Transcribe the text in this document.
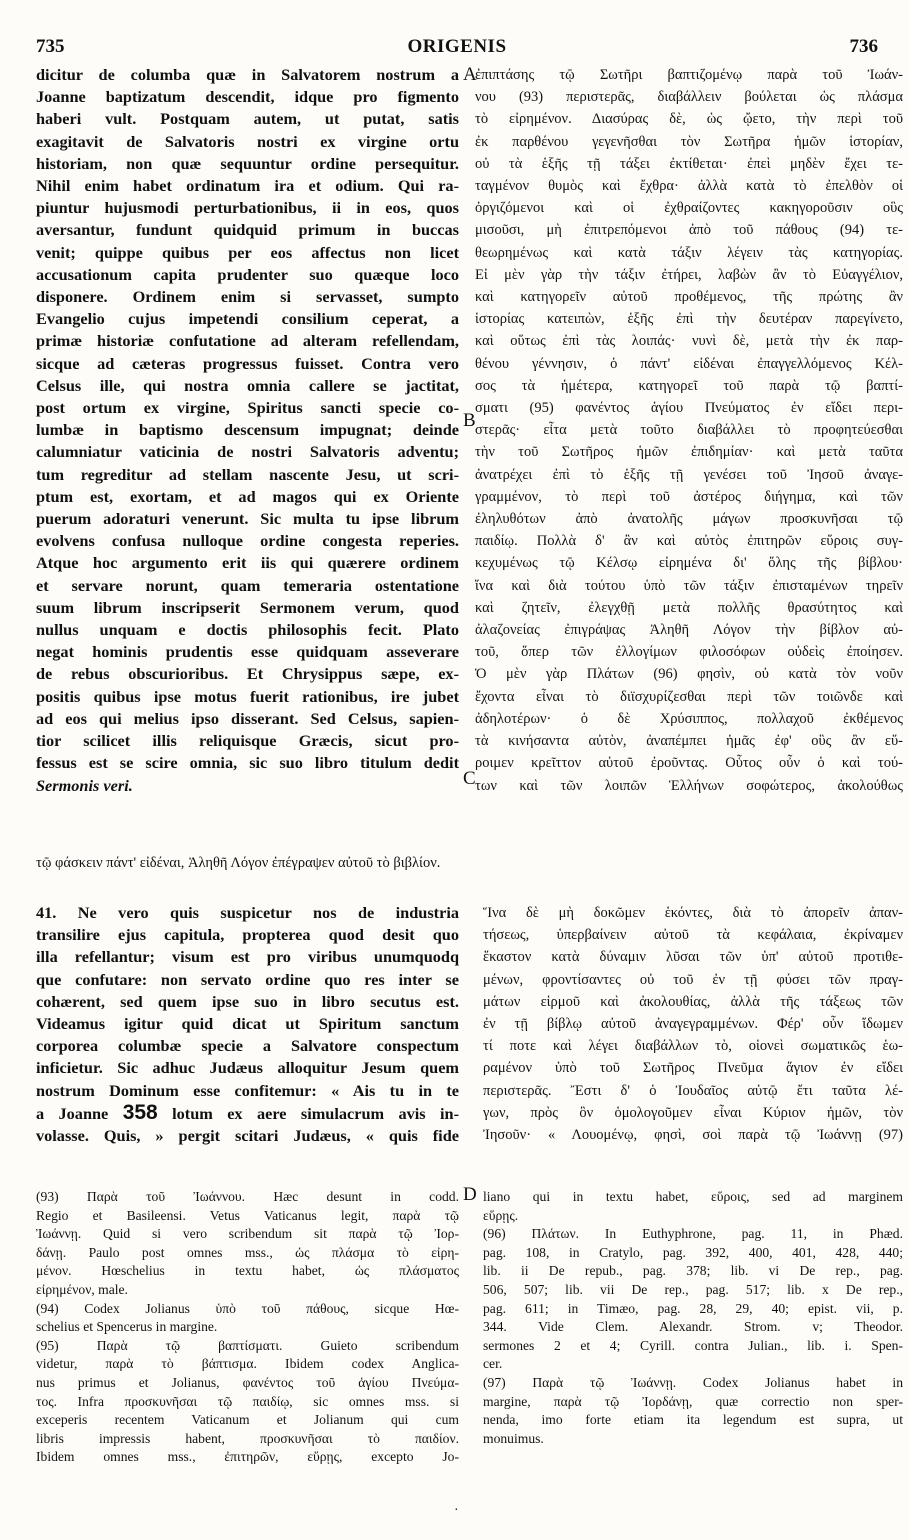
735	ORIGENIS	736
dicitur de columba quæ in Salvatorem nostrum a
Joanne baptizatum descendit, idque pro figmento
haberi vult. Postquam autem, ut putat, satis
exagitavit de Salvatoris nostri ex virgine ortu
historiam, non quæ sequuntur ordine persequitur.
Nihil enim habet ordinatum ira et odium. Qui ra-
piuntur hujusmodi perturbationibus, ii in eos, quos
aversantur, fundunt quidquid primum in buccas
venit; quippe quibus per eos affectus non licet
accusationum capita prudenter suo quæque loco
disponere. Ordinem enim si servasset, sumpto
Evangelio cujus impetendi consilium ceperat, a
primæ historiæ confutatione ad alteram refellendam,
sicque ad cæteras progressus fuisset. Contra vero
Celsus ille, qui nostra omnia callere se jactitat,
post ortum ex virgine, Spiritus sancti specie co-
lumbæ in baptismo descensum impugnat; deinde
calumniatur vaticinia de nostri Salvatoris adventu;
tum regreditur ad stellam nascente Jesu, ut scri-
ptum est, exortam, et ad magos qui ex Oriente
puerum adoraturi venerunt. Sic multa tu ipse librum
evolvens confusa nulloque ordine congesta reperies.
Atque hoc argumento erit iis qui quærere ordinem
et servare norunt, quam temeraria ostentatione
suum librum inscripserit Sermonem verum, quod
nullus unquam e doctis philosophis fecit. Plato
negat hominis prudentis esse quidquam asseverare
de rebus obscurioribus. Et Chrysippus sæpe, ex-
positis quibus ipse motus fuerit rationibus, ire jubet
ad eos qui melius ipso disserant. Sed Celsus, sapien-
tior scilicet illis reliquisque Græcis, sicut pro-
fessus est se scire omnia, sic suo libro titulum dedit
Sermonis veri.
A
B
C
ἐπιπτάσης τῷ Σωτῆρι βαπτιζομένῳ παρὰ τοῦ Ἰωάν-
νου (93) περιστερᾶς, διαβάλλειν βούλεται ὡς πλάσμα
τὸ εἰρημένον. Διασύρας δὲ, ὡς ᾤετο, τὴν περὶ τοῦ
ἐκ παρθένου γεγενῆσθαι τὸν Σωτῆρα ἡμῶν ἱστορίαν,
οὐ τὰ ἑξῆς τῇ τάξει ἐκτίθεται· ἐπεὶ μηδὲν ἔχει τε-
ταγμένον θυμὸς καὶ ἔχθρα· ἀλλὰ κατὰ τὸ ἐπελθὸν οἱ
ὀργιζόμενοι καὶ οἱ ἐχθραίζοντες κακηγοροῦσιν οὓς
μισοῦσι, μὴ ἐπιτρεπόμενοι ἀπὸ τοῦ πάθους (94) τε-
θεωρημένως καὶ κατὰ τάξιν λέγειν τὰς κατηγορίας.
Εἰ μὲν γὰρ τὴν τάξιν ἐτήρει, λαβὼν ἂν τὸ Εὐαγγέλιον,
καὶ κατηγορεῖν αὐτοῦ προθέμενος, τῆς πρώτης ἂν
ἱστορίας κατειπὼν, ἑξῆς ἐπὶ τὴν δευτέραν παρεγίνετο,
καὶ οὕτως ἐπὶ τὰς λοιπάς· νυνὶ δὲ, μετὰ τὴν ἐκ παρ-
θένου γέννησιν, ὁ πάντ' εἰδέναι ἐπαγγελλόμενος Κέλ-
σος τὰ ἡμέτερα, κατηγορεῖ τοῦ παρὰ τῷ βαπτί-
σματι (95) φανέντος ἁγίου Πνεύματος ἐν εἴδει περι-
στερᾶς· εἶτα μετὰ τοῦτο διαβάλλει τὸ προφητεύεσθαι
τὴν τοῦ Σωτῆρος ἡμῶν ἐπιδημίαν· καὶ μετὰ ταῦτα
ἀνατρέχει ἐπὶ τὸ ἑξῆς τῇ γενέσει τοῦ Ἰησοῦ ἀναγε-
γραμμένον, τὸ περὶ τοῦ ἀστέρος διήγημα, καὶ τῶν
ἐληλυθότων ἀπὸ ἀνατολῆς μάγων προσκυνῆσαι τῷ
παιδίῳ. Πολλὰ δ' ἂν καὶ αὐτὸς ἐπιτηρῶν εὕροις συγ-
κεχυμένως τῷ Κέλσῳ εἰρημένα δι' ὅλης τῆς βίβλου·
ἵνα καὶ διὰ τούτου ὑπὸ τῶν τάξιν ἐπισταμένων τηρεῖν
καὶ ζητεῖν, ἐλεγχθῇ μετὰ πολλῆς θρασύτητος καὶ
ἀλαζονείας ἐπιγράψας Ἀληθῆ Λόγον τὴν βίβλον αὐ-
τοῦ, ὅπερ τῶν ἐλλογίμων φιλοσόφων οὐδεὶς ἐποίησεν.
Ὁ μὲν γὰρ Πλάτων (96) φησὶν, οὐ κατὰ τὸν νοῦν
ἔχοντα εἶναι τὸ διϊσχυρίζεσθαι περὶ τῶν τοιῶνδε καὶ
ἀδηλοτέρων· ὁ δὲ Χρύσιππος, πολλαχοῦ ἐκθέμενος
τὰ κινήσαντα αὐτὸν, ἀναπέμπει ἡμᾶς ἐφ' οὓς ἂν εὕ-
ροιμεν κρεῖττον αὐτοῦ ἐροῦντας. Οὗτος οὖν ὁ καὶ τού-
των καὶ τῶν λοιπῶν Ἑλλήνων σοφώτερος, ἀκολούθως
τῷ φάσκειν πάντ' εἰδέναι, Ἀληθῆ Λόγον ἐπέγραψεν αὐτοῦ τὸ βιβλίον.
41. Ne vero quis suspicetur nos de industria
transilire ejus capitula, propterea quod desit quo
illa refellantur; visum est pro viribus unumquodq
que confutare: non servato ordine quo res inter se
cohærent, sed quem ipse suo in libro secutus est.
Videamus igitur quid dicat ut Spiritum sanctum
corporea columbæ specie a Salvatore conspectum
inficietur. Sic adhuc Judæus alloquitur Jesum quem
nostrum Dominum esse confitemur: « Ais tu in te
a Joanne 358 lotum ex aere simulacrum avis in-
volasse. Quis, » pergit scitari Judæus, « quis fide
Ἵνα δὲ μὴ δοκῶμεν ἑκόντες, διὰ τὸ ἀπορεῖν ἀπαν-
τήσεως, ὑπερβαίνειν αὐτοῦ τὰ κεφάλαια, ἐκρίναμεν
ἕκαστον κατὰ δύναμιν λῦσαι τῶν ὑπ' αὐτοῦ προτιθε-
μένων, φροντίσαντες οὐ τοῦ ἐν τῇ φύσει τῶν πραγ-
μάτων εἱρμοῦ καὶ ἀκολουθίας, ἀλλὰ τῆς τάξεως τῶν
ἐν τῇ βίβλῳ αὐτοῦ ἀναγεγραμμένων. Φέρ' οὖν ἴδωμεν
τί ποτε καὶ λέγει διαβάλλων τὸ, οἱονεὶ σωματικῶς ἑω-
ραμένον ὑπὸ τοῦ Σωτῆρος Πνεῦμα ἅγιον ἐν εἴδει
περιστερᾶς. Ἔστι δ' ὁ Ἰουδαῖος αὐτῷ ἔτι ταῦτα λέ-
γων, πρὸς ὃν ὁμολογοῦμεν εἶναι Κύριον ἡμῶν, τὸν
Ἰησοῦν· « Λουομένῳ, φησὶ, σοὶ παρὰ τῷ Ἰωάννῃ (97)
D
(93) Παρὰ τοῦ Ἰωάννου. Hæc desunt in codd.
Regio et Basileensi. Vetus Vaticanus legit, παρὰ τῷ
Ἰωάννῃ. Quid si vero scribendum sit παρὰ τῷ Ἰορ-
δάνῃ. Paulo post omnes mss., ὡς πλάσμα τὸ εἰρη-
μένον. Hœschelius in textu habet, ὡς πλάσματος
εἰρημένον, male.
(94) Codex Jolianus ὑπὸ τοῦ πάθους, sicque Hœ-
schelius et Spencerus in margine.
(95) Παρὰ τῷ βαπτίσματι. Guieto scribendum
videtur, παρὰ τὸ βάπτισμα. Ibidem codex Anglica-
nus primus et Jolianus, φανέντος τοῦ ἁγίου Πνεύμα-
τος. Infra προσκυνῆσαι τῷ παιδίῳ, sic omnes mss. si
exceperis recentem Vaticanum et Jolianum qui cum
libris impressis habent, προσκυνῆσαι τὸ παιδίον.
Ibidem omnes mss., ἐπιτηρῶν, εὕρῃς, excepto Jo-
liano qui in textu habet, εὕροις, sed ad marginem
εὕρῃς.
(96) Πλάτων. In Euthyphrone, pag. 11, in Phæd.
pag. 108, in Cratylo, pag. 392, 400, 401, 428, 440;
lib. ii De repub., pag. 378; lib. vi De rep., pag.
506, 507; lib. vii De rep., pag. 517; lib. x De rep.,
pag. 611; in Timæo, pag. 28, 29, 40; epist. vii, p.
344. Vide Clem. Alexandr. Strom. v; Theodor.
sermones 2 et 4; Cyrill. contra Julian., lib. i. Spen-
cer.
(97) Παρὰ τῷ Ἰωάννῃ. Codex Jolianus habet in
margine, παρὰ τῷ Ἰορδάνῃ, quæ correctio non sper-
nenda, imo forte etiam ita legendum est supra, ut
monuimus.
·
